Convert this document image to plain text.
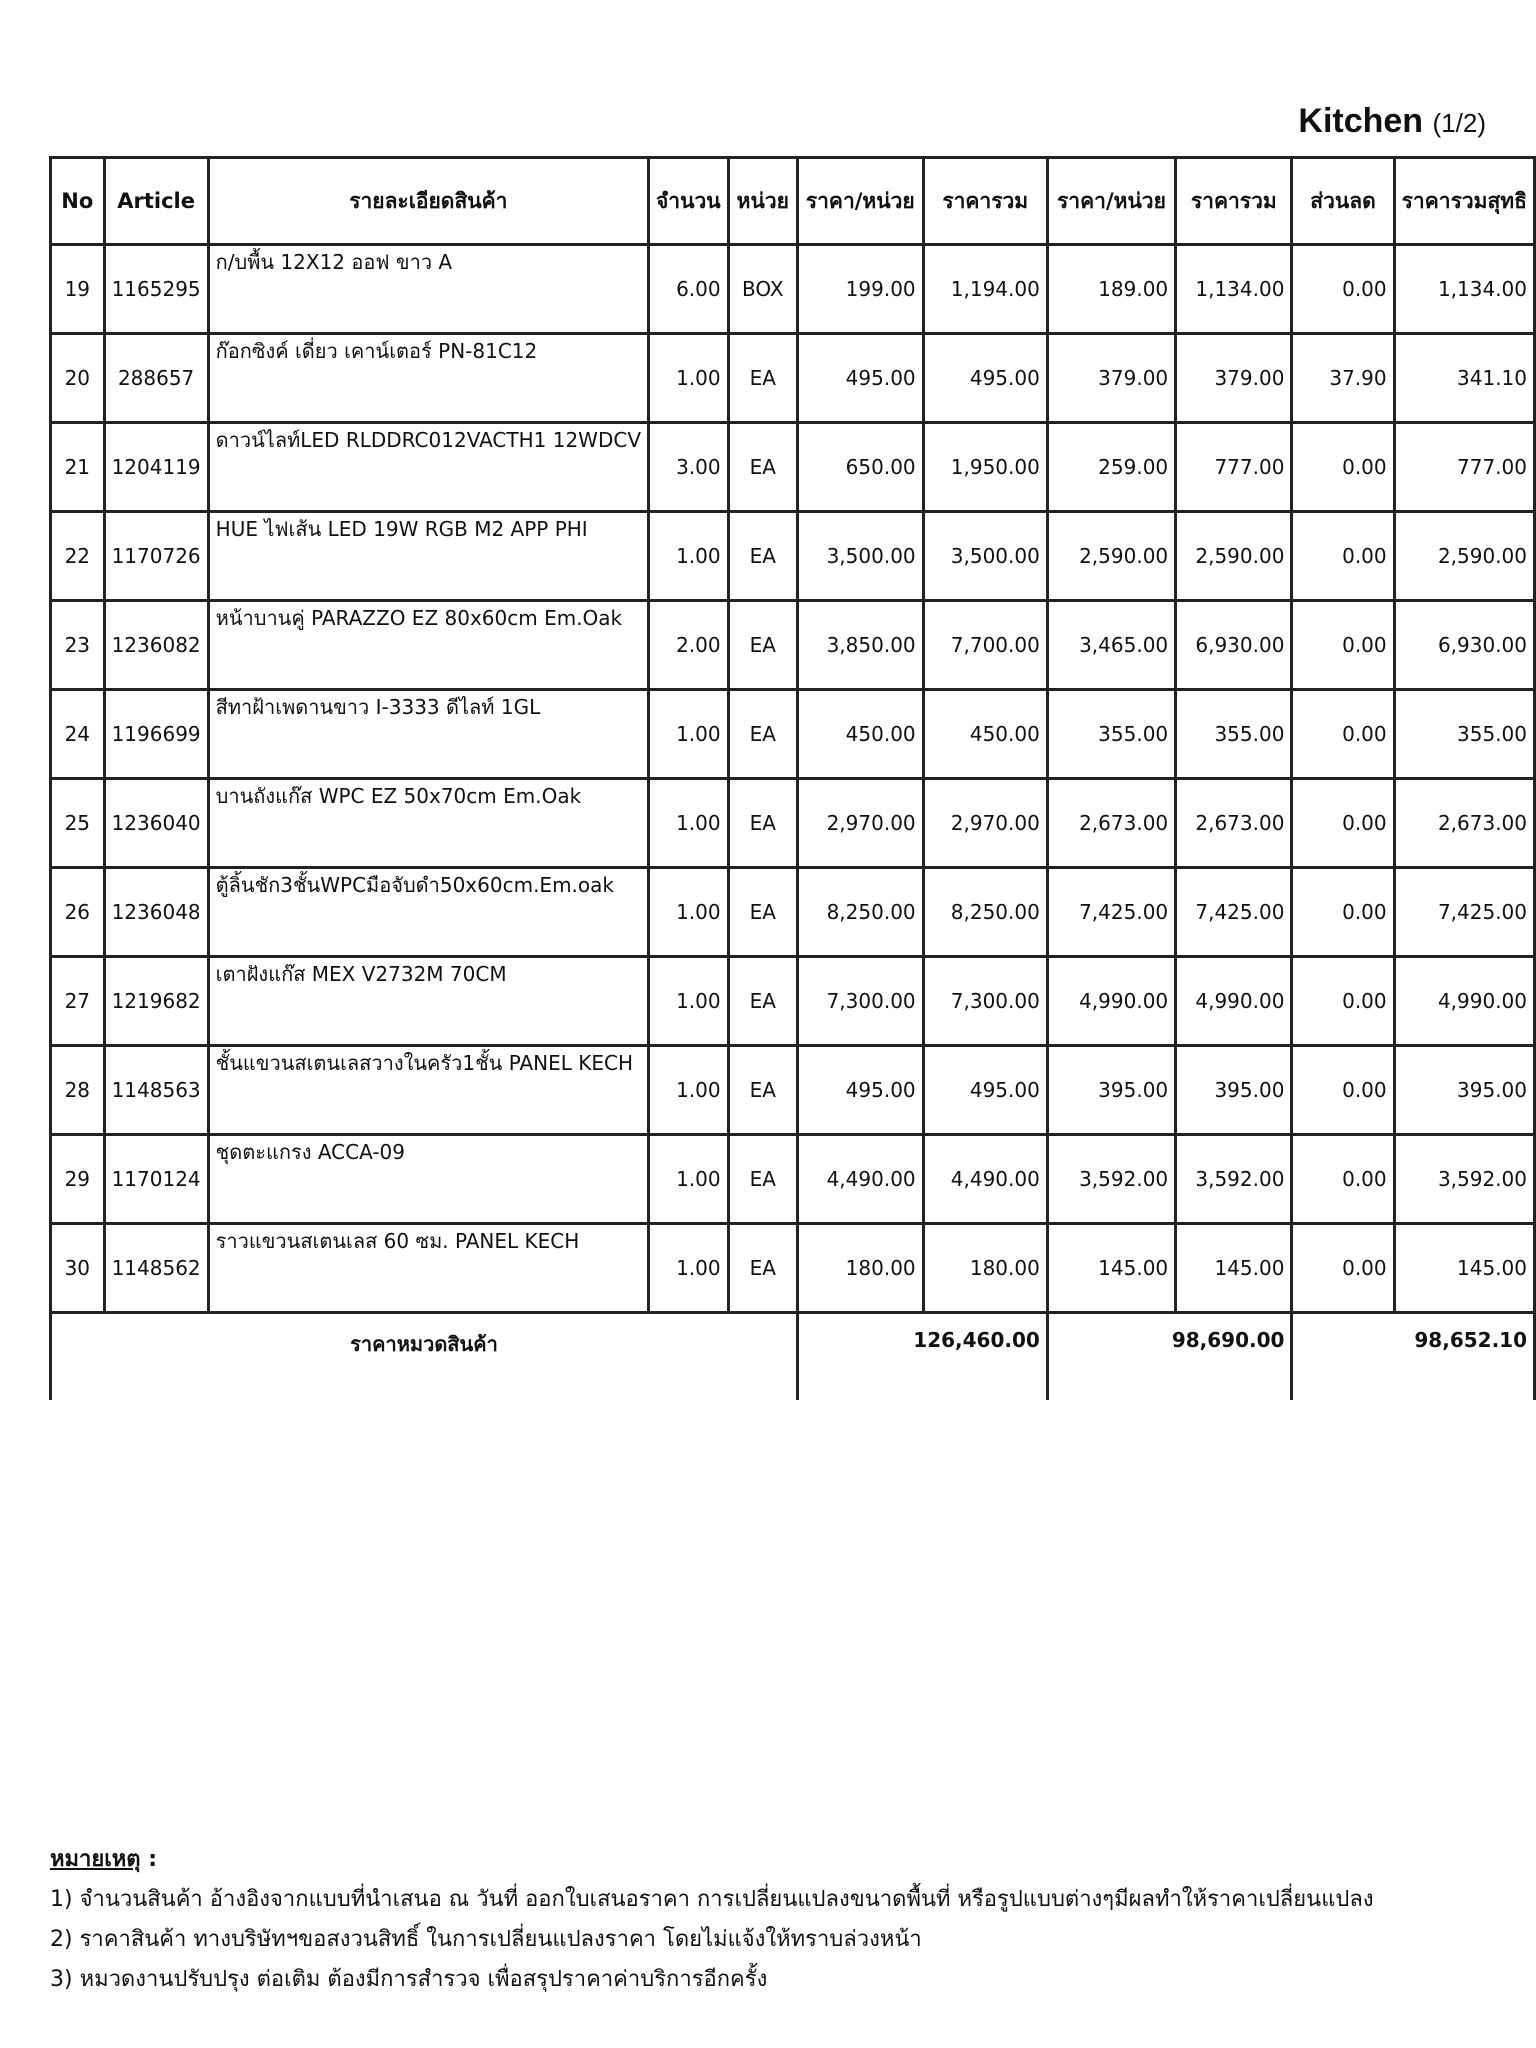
Kitchen (1/2)
No	Article	รายละเอียดสินค้า	จำนวน	หน่วย	ราคา/หน่วย	ราคารวม	ราคา/หน่วย	ราคารวม	ส่วนลด	ราคารวมสุทธิ
19	1165295	ก/บพื้น 12X12 ออฟ ขาว A	6.00	BOX	199.00	1,194.00	189.00	1,134.00	0.00	1,134.00
20	288657	ก๊อกซิงค์ เดี่ยว เคาน์เตอร์ PN-81C12	1.00	EA	495.00	495.00	379.00	379.00	37.90	341.10
21	1204119	ดาวน์ไลท์LED RLDDRC012VACTH1 12WDCV	3.00	EA	650.00	1,950.00	259.00	777.00	0.00	777.00
22	1170726	HUE ไฟเส้น LED 19W RGB M2 APP PHI	1.00	EA	3,500.00	3,500.00	2,590.00	2,590.00	0.00	2,590.00
23	1236082	หน้าบานคู่ PARAZZO EZ 80x60cm Em.Oak	2.00	EA	3,850.00	7,700.00	3,465.00	6,930.00	0.00	6,930.00
24	1196699	สีทาฝ้าเพดานขาว I-3333 ดีไลท์ 1GL	1.00	EA	450.00	450.00	355.00	355.00	0.00	355.00
25	1236040	บานถังแก๊ส WPC EZ 50x70cm Em.Oak	1.00	EA	2,970.00	2,970.00	2,673.00	2,673.00	0.00	2,673.00
26	1236048	ตู้ลิ้นชัก3ชั้นWPCมือจับดำ50x60cm.Em.oak	1.00	EA	8,250.00	8,250.00	7,425.00	7,425.00	0.00	7,425.00
27	1219682	เตาฝังแก๊ส MEX V2732M 70CM	1.00	EA	7,300.00	7,300.00	4,990.00	4,990.00	0.00	4,990.00
28	1148563	ชั้นแขวนสเตนเลสวางในครัว1ชั้น PANEL KECH	1.00	EA	495.00	495.00	395.00	395.00	0.00	395.00
29	1170124	ชุดตะแกรง ACCA-09	1.00	EA	4,490.00	4,490.00	3,592.00	3,592.00	0.00	3,592.00
30	1148562	ราวแขวนสเตนเลส 60 ซม. PANEL KECH	1.00	EA	180.00	180.00	145.00	145.00	0.00	145.00
ราคาหมวดสินค้า					126,460.00		98,690.00		98,652.10	
หมายเหตุ :
1) จำนวนสินค้า อ้างอิงจากแบบที่นำเสนอ ณ วันที่ ออกใบเสนอราคา การเปลี่ยนแปลงขนาดพื้นที่ หรือรูปแบบต่างๆมีผลทำให้ราคาเปลี่ยนแปลง
2) ราคาสินค้า ทางบริษัทฯขอสงวนสิทธิ์ ในการเปลี่ยนแปลงราคา โดยไม่แจ้งให้ทราบล่วงหน้า
3) หมวดงานปรับปรุง ต่อเติม ต้องมีการสำรวจ เพื่อสรุปราคาค่าบริการอีกครั้ง
